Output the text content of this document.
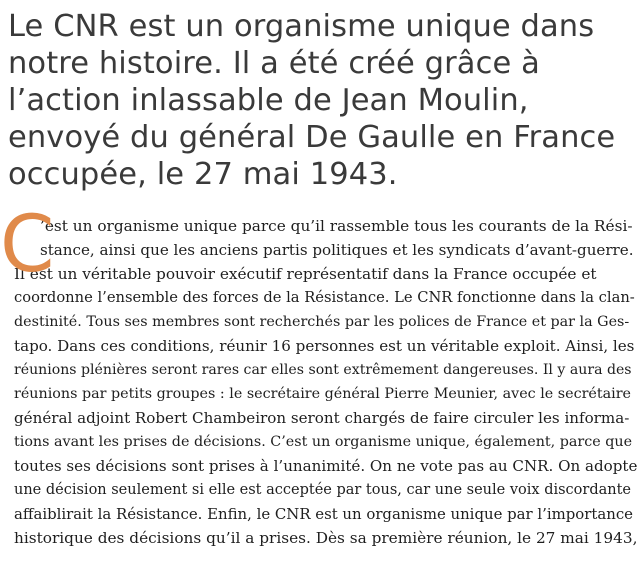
Le CNR est un organisme unique dans
notre histoire. Il a été créé grâce à
l’action inlassable de Jean Moulin,
envoyé du général De Gaulle en France
occupée, le 27 mai 1943.
C
’est un organisme unique parce qu’il rassemble tous les courants de la Rési-
stance, ainsi que les anciens partis politiques et les syndicats d’avant-guerre.
Il est un véritable pouvoir exécutif représentatif dans la France occupée et
coordonne l’ensemble des forces de la Résistance. Le CNR fonctionne dans la clan-
destinité. Tous ses membres sont recherchés par les polices de France et par la Ges-
tapo. Dans ces conditions, réunir 16 personnes est un véritable exploit. Ainsi, les
réunions plénières seront rares car elles sont extrêmement dangereuses. Il y aura des
réunions par petits groupes : le secrétaire général Pierre Meunier, avec le secrétaire
général adjoint Robert Chambeiron seront chargés de faire circuler les informa-
tions avant les prises de décisions. C’est un organisme unique, également, parce que
toutes ses décisions sont prises à l’unanimité. On ne vote pas au CNR. On adopte
une décision seulement si elle est acceptée par tous, car une seule voix discordante
affaiblirait la Résistance. Enfin, le CNR est un organisme unique par l’importance
historique des décisions qu’il a prises. Dès sa première réunion, le 27 mai 1943,
